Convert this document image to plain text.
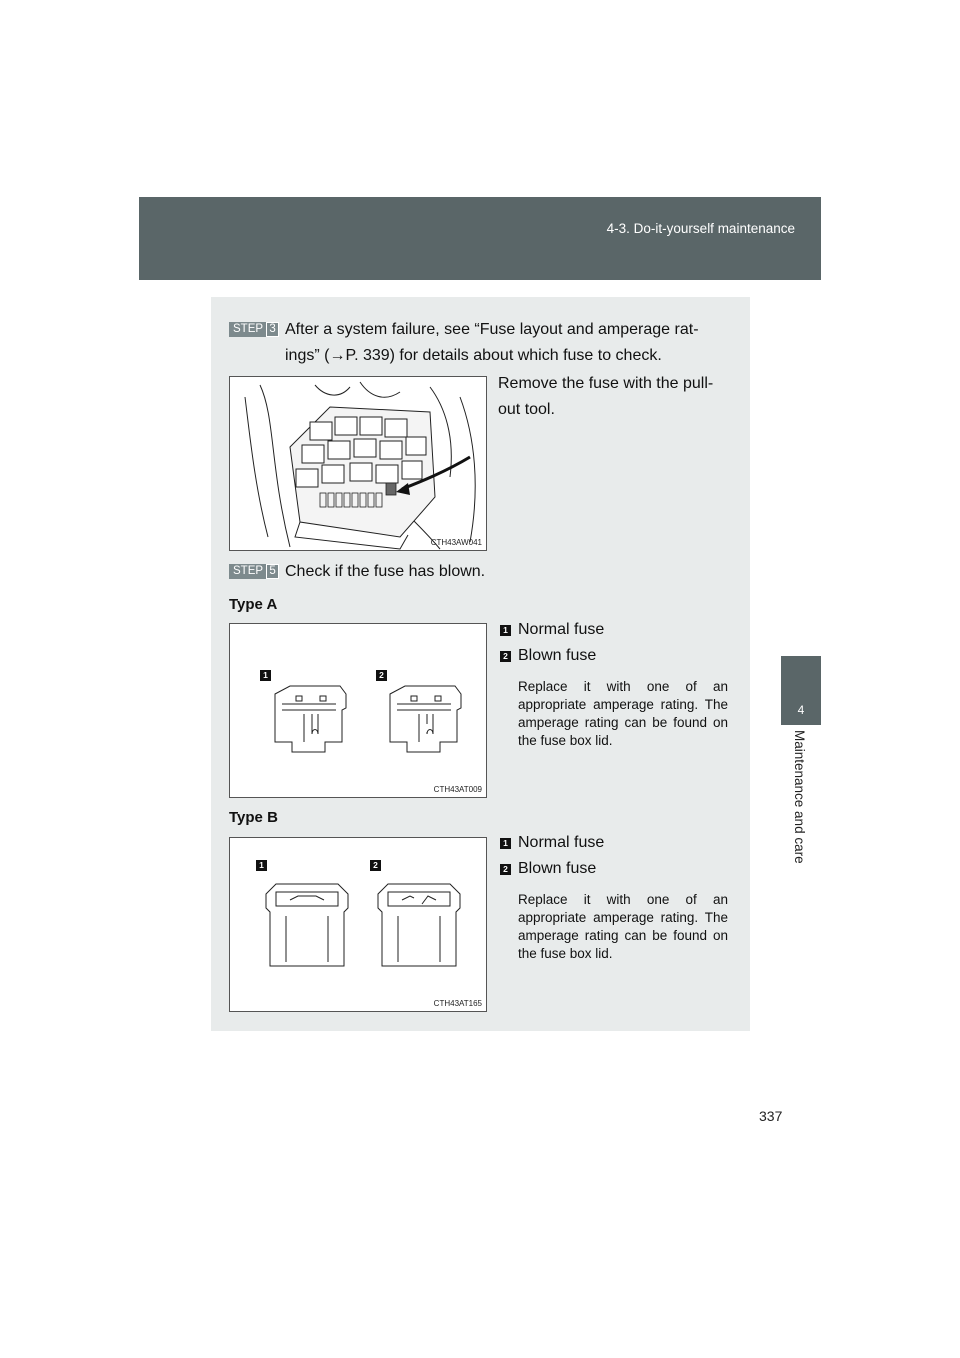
4-3. Do-it-yourself maintenance
4
Maintenance and care
STEP 3 After a system failure, see “Fuse layout and amperage rat-
ings” (→P. 339) for details about which fuse to check.
CTH43AW041
Remove the fuse with the pull-
out tool.
STEP 5 Check if the fuse has blown.
Type A
1	2
CTH43AT009
1 Normal fuse
2 Blown fuse
Replace it with one of an appropriate amperage rating. The amperage rating can be found on the fuse box lid.
Type B
1	2
CTH43AT165
1 Normal fuse
2 Blown fuse
Replace it with one of an appropriate amperage rating. The amperage rating can be found on the fuse box lid.
337
